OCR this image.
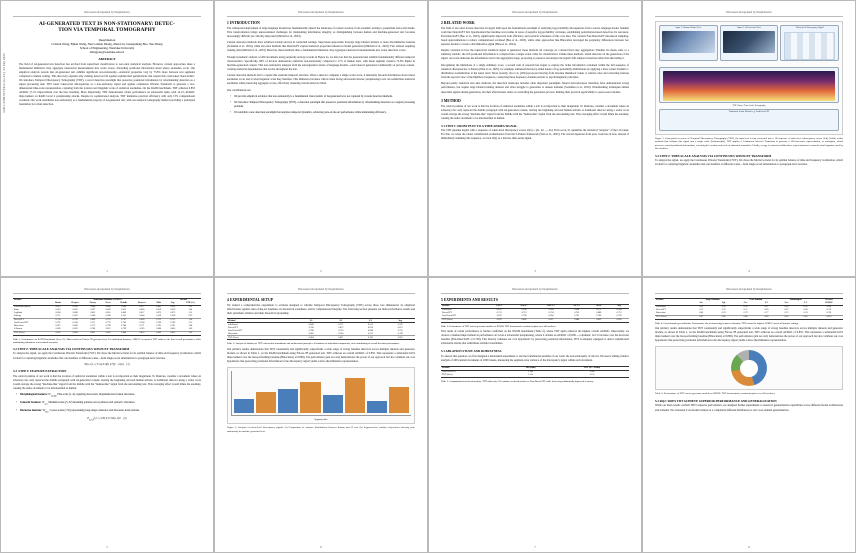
Discussed and updated by Deepbluetion
arXiv:2509.01734v2 [cs.CL] 23 Sep 2025
AI-GENERATED TEXT IS NON-STATIONARY: DETEC-
TION VIA TEMPORAL TOMOGRAPHY
Deepbluetion
Cristian Wang, Bijian Wang, Nan Landon Zhang, Zhen Lin, Guangzheng Bao, Yue Zhang
School of Engineering, Westlake University
zhangyue@westlake.edu.cn
ABSTRACT
The field of AI-generated text detection has evolved from supervised classification to zero-shot statistical analysis. However, current approaches share a fundamental limitation: they aggregate token-level measurements into scalar scores, discarding positional information about where anomalies occur. Our empirical analysis reveals that AI-generated text exhibits significant non-stationarity—statistical properties vary by 73.8% more between text segments compared to human writing. This discovery explains why existing detectors fail against sophisticated perturbations that exploit this overlooked characteristic. We introduce Temporal Discrepancy Tomography (TDT), a novel detection paradigm that preserves positional information by reformulating detection as a signal processing task. TDT treats token-level discrepancies as a non-stationary signal and applies continuous Wavelet Transform to generate a two-dimensional time-scale representation, capturing both the location and linguistic scale of statistical anomalies. On the RAID benchmark, TDT achieves 0.855 AUROC (7.1% improvement over the best baseline). More importantly, TDT demonstrates robust performance on adversarial tasks, with 14.1% AUROC improvement on RAID Level 2 paraphrasing attacks. Despite its sophisticated analysis, TDT maintains practical efficiency with only 13% computational overhead. Our work establishes non-stationarity as a fundamental property of AI-generated text, with our temporal tomography method providing a principled foundation for robust detection.
1
Discussed and updated by Deepbluetion
1 INTRODUCTION
The widespread deployment of large language models has fundamentally altered the landscape of content creation, from academic writing to journalism and social media. This transformation brings unprecedented challenges for maintaining information integrity, as distinguishing between human and machine-generated text becomes increasingly difficult yet critically important (Mitchell et al., 2023).
Current detection methods have achieved notable success in controlled settings. Supervised approaches leverage large labeled datasets to learn discriminative features (Solaiman et al., 2019), while zero-shot methods like DetectGPT exploit statistical properties inherent in model generation (Mitchell et al., 2023). Fast without requiring training data (Mitchell et al., 2023). However, these methods share a fundamental limitation: they aggregate token-level measurements into scalar detection scores.
Though systematic analysis of 200 documents using perplexity entropy reveals in Figure 2a, we discover that the generated text exhibits fundamentally different temporal characteristics. Specifically, 68% of devices demonstrate statistical non-stationarity compared to 17% of human texts, with mean segment variance 73.8% higher in machine-generated content. This non-stationarity emerges from the autoregressive nature of language models—each token is generated conditionally on previous context, creating statistical dependencies that evolve throughout the text.
Current detection methods fail to capture this essential temporal structure. When a detector computes a single scalar score, it inherently discards information about where anomalies occur and at what linguistic scale they manifest. This limitation becomes critical when facing adversarial attacks: paraphrasing tools can redistribute statistical anomalies while preserving aggregate scores, effectively rendering current detectors blind.
Our contributions are:
• We provide empirical evidence that non-stationarity is a fundamental characteristic of AI-generated text, not captured by current detection methods.
• We introduce Temporal Discrepancy Tomography (TDT), a detection paradigm that preserves positional information by reformulating detection as a signal processing problem.
• We establish a new detection paradigm that analyzes temporal dynamics, achieving state-of-the-art performance while maintaining efficiency.
2
Discussed and updated by Deepbluetion
2 RELATED WORK
The field of zero-shot AI text detection is largely built upon the foundational paradigm of analyzing log-probability discrepancies from a source language model. Seminal work like DetectGPT first hypothesized that machine text resides in areas of negative log-probability curvature, establishing perturbation-based detection. Its successor, Fast-DetectGPT (Bao et al., 2023), significantly improved both efficiency and practical robustness of this core idea. The variants Fast-DetectGPT introduced sampling-based approximations to reduce computational overhead (Bao et al., 2023), while other approaches like Binoculars leveraged the perplexity differences between two separate models to create a discriminative signal (Hans et al., 2024).
Despite variation in how the token-level statistical signal is generated, these methods all converge on a shared final step: aggregation. Whether via mean, sum, or a summary statistic, the rich positional information is collapsed into a single scalar value for classification. Unlike these methods, which innovate on the generation of the signal, our work addresses the information loss in the aggregation stage, proposing to preserve and analyze the signal's full temporal structure rather than discarding it.
Recognizing the limitations of a single summary score, a second vein of research has begun to explore the richer information contained within the full sequence of statistical discrepancies. S-Pattern (Wen et al., 2025), for example, addressed the heavy-tailed nature of log-probability distributions by applying a more robust Student's t-distribution normalization at the token level. More recently, Xu et al. (2024) proposed moving from absolute likelihood values to relative rates and extracting features from the spectral view of the likelihood sequence, connecting these frequency-domain patterns to psycholinguistic principles.
Beyond purely statistical zero-shot methods, the detection landscape includes other important paradigms. Neural network-based classifiers have demonstrated strong performance, but require large labeled training datasets and often struggle to generalize to unseen domains (Solaiman et al., 2019). Watermarking techniques embed detectable signals during generation, but their effectiveness relies on controlling the generation process, limiting their practical applicability to open-source models.
3 METHOD
The central premise of our work is that the location of statistical anomalies within a text is as important as their magnitude. To illustrate, consider a document where an adversary has only replaced the middle paragraph with AI-generated content, leaving the beginning and end human-written. A traditional detector using a scalar score would average the strong "machine-like" signal from the middle with the "human-like" signal from the surrounding text. This averaging effect would dilute the anomaly, causing the entire document to be misclassified as human.
3.1 STEP 1: FROM TEXT TO A TIME-SERIES SIGNAL
The TDT pipeline begins with a sequence of token-level discrepancy scores, D(x) = [d1, d2, ..., dn]. Each score, di, quantifies the statistical "surprise" of the i-th token. For this, we adopt the robust t-distribution normalization from the S-Pattern framework (Wen et al., 2025). The crucial departure from prior work lies in how, instead of immediately summing this sequence, we treat D(x) as a discrete time-series signal.
3
Discussed and updated by Deepbluetion
Input 1: Human Written Text	Input 2: AI-Generated Text	Token-level Discrepancy Signal
TDT (Ours): Time-Scale Tomography
Traditional Scalar Method e.g. FastDetectGPT
Figure 1: Conceptual overview of Temporal Discrepancy Tomography (TDT), the input text is first converted into a 1D sequence of token-level discrepancy scores (left). Unlike scalar methods that collapse this signal into a single value (bottom-right), TDT applies a Continuous Wavelet Transform to generate a 2D time-scale representation, or scalogram, which preserves crucial positional information, revealing the location and scale of statistical anomalies. Finally, energy is extracted within these representations to form the final signature used by the classifier.
3.2 STEP 2: TIME-SCALE ANALYSIS VIA CONTINUOUS WAVELET TRANSFORM
To analyze the signal, we apply the Continuous Wavelet Transform (CWT). We chose the Morlet wavelet for its optimal balance of time and frequency localization, which is ideal for capturing linguistic anomalies that can manifest at different scales—from single-word substitutions to paragraph-level rewrites.
4
Discussed and updated by Deepbluetion
Method	Individual Domains (AUROC)							Overall	
	Books	Recipes	Poetry	News	Reddit	Reviews	Wiki	Avg.	STD (%)
Likelihood (mean)	0.612	0.598	0.584	0.606	0.589	0.577	0.601	0.595	1.21
Rank	0.633	0.641	0.597	0.628	0.612	0.604	0.619	0.619	1.44
LogRank	0.694	0.688	0.652	0.681	0.669	0.657	0.673	0.673	1.51
Entropy	0.571	0.562	0.548	0.566	0.553	0.544	0.559	0.558	0.97
DetectGPT	0.734	0.726	0.698	0.719	0.707	0.694	0.712	0.713	1.38
Fast-DetectGPT	0.791	0.784	0.751	0.776	0.762	0.748	0.769	0.769	1.57
Binoculars	0.812	0.806	0.773	0.798	0.784	0.771	0.791	0.791	1.48
S-Pattern	0.828	0.819	0.788	0.812	0.799	0.785	0.806	0.805	1.49
TDT (Ours)	0.876	0.868	0.831	0.859	0.846	0.833	0.853	0.855	1.62
Table 1: Performance on RAID Benchmark (Level 2). Main results on Falcon-7B generated text. For individual domains, AUROC is reported. TDT achieves the best overall performance while maintaining robustness across attack scenarios.
3.2 STEP 2: TIME-SCALE ANALYSIS VIA CONTINUOUS WAVELET TRANSFORM
To analyze the signal, we apply the Continuous Wavelet Transform (CWT). We chose the Morlet wavelet for its optimal balance of time and frequency localization, which is ideal for capturing linguistic anomalies that can manifest at different scales—from single-word substitutions to paragraph-level rewrites.
W(a, b) = (1/√a) Σ d(i) ψ*((i − b)/a)    (1)
3.3  STEP 3: FEATURE EXTRACTION
The central premise of our work is that the location of statistical anomalies within a text is as important as their magnitude. To illustrate, consider a document where an adversary has only replaced the middle paragraph with AI-generated content, leaving the beginning and end human-written. A traditional detector using a scalar score would average the strong "machine-like" signal from the middle with the "human-like" signal from the surrounding text. This averaging effect would dilute the anomaly, causing the entire document to be misclassified as human.
• Morphological features: $W_{morph}$ Fine-scale (1–4) capturing short-term, morpheme-level token structures.
• Syntactic features: $W_{syn}$ Medium scales (5–32) modeling patterns across phrases and syntactic structures.
• Discourse features: $W_{disc}$ Coarse scales (>32) representing long-range coherence and discourse-level patterns.
$E_{band}(x) = (1/N)$ Σ Σ |W(a, b)|²    (2)
5
Discussed and updated by Deepbluetion
4 EXPERIMENTAL SETUP
We trained a comprehensive experiment to evaluate designed to validate Temporal Discrepancy Tomography (TDT) across three core dimensions: its empirical effectiveness against state-of-the-art baselines, its theoretical soundness, and its computational integrity. The following section presents our main performance results and their systematic ablative and their theoretical grounding.
Method	L1	L2	L3	Avg.
Likelihood	0.606	0.571	0.552	0.576
DetectGPT	0.706	0.672	0.639	0.672
Fast-DetectGPT	0.788	0.720	0.688	0.732
Binoculars	0.803	0.744	0.701	0.749
TDT (Ours)	0.864	0.821	0.782	0.822
Table 2: Analysis of ablation of TDT's theoretical foundations and architectural principles. Evaluation on individual components, each contributing to overall detection performance.
Our primary results demonstrate that TDT consistently and significantly outperforms a wide range of strong baseline detectors across multiple datasets and generator models, as shown in Table 1, on the RAID benchmark using Falcon-7B generated text, TDT achieves an overall AUROC of 0.855. This represents a substantial 6.6% improvement over the best-performing baseline (Binoculars) at 0.809). The performance gain not only demonstrates the power of our approach but also validates our core hypothesis: that preserving positional information in the discrepancy signal yields a more discriminative representation.
Segment index
Figure 2: Analysis of token-level discrepancy signals. (a) Comparison of variance distributions between human and AI text. (b) Segment-wise variance trajectories showing non-stationarity in machine-generated text.
6
Discussed and updated by Deepbluetion
5 EXPERIMENTS AND RESULTS
Method	GPT-2	Neo-2.7	OPT-2.7	GPT-J	NeoX	Avg.
Likelihood	0.612	0.598	0.604	0.586	0.571	0.594
DetectGPT	0.731	0.719	0.724	0.702	0.688	0.713
Fast-DetectGPT	0.812	0.798	0.804	0.781	0.766	0.792
TDT (Ours)	0.879	0.866	0.871	0.848	0.832	0.859
Table 3: Performance of TDT across generator models on XSUM. TDT demonstrates consistent gains over all baselines.
This result of robust performance is further confirmed on the XSUM benchmark (Table 2), where TDT again achieves the highest overall AUROC. Importantly, we observe a marked improvement in performance on Level-2 adversarial paraphrasing, where it obtains an AUROC of 0.821—a dramatic 14.1% increase over the next-best baseline (Fast-DetectGPT at 0.720). This directly validates our core hypothesis: by preserving positional information, TDT is uniquely equipped to detect sophisticated adversarial attacks that redistribute statistical anomalies.
5.1 ABLATION STUDY AND ROBUSTNESS
To answer this question, we first designed a mechanism experiment to test the foundational premise of our work: the non-stationarity of AI text. We used a sliding window analysis of 200 random documents of 1000 tokens, measuring the segment-wise variance of the discrepancy signal within each document.
Method	ND (90ms)	TDT (95 / 101ms)
Fast-DetectGPT	1.00x	1.00x
TDT (Ours)	1.13x	1.13x
Table 5: Computational overhead analysis. TDT adds only 13% runtime overhead relative to Fast-DetectGPT while delivering substantially improved accuracy.
7
Discussed and updated by Deepbluetion
Method	Target Domain		News Domain		Multilingual		Overall
	Src	Tgt	Acc.	F1	Acc.	F1	AUROC
Likelihood	0.61	0.58	0.59	0.57	0.56	0.55	0.581
DetectGPT	0.73	0.70	0.71	0.69	0.67	0.66	0.701
Binoculars	0.80	0.78	0.79	0.77	0.75	0.74	0.781
TDT (Ours)	0.87	0.85	0.86	0.84	0.83	0.82	0.853
Table 4: Cross-domain generalization. Performance when transferring to unseen domains; TDT retains the highest AUROC across all transfer settings.
Our primary results demonstrate that TDT consistently and significantly outperforms a wide range of strong baseline detectors across multiple datasets and generator models, as shown in Table 1, on the RAID benchmark using Falcon-7B generated text, TDT achieves an overall AUROC of 0.855. This represents a substantial 6.6% improvement over the best-performing baseline (Binoculars) at 0.809). The performance gain not only demonstrates the power of our approach but also validates our core hypothesis: that preserving positional information in the discrepancy signal yields a more discriminative representation.
Table 3: Performance of TDT across generator models on XSUM. TDT demonstrates consistent gains over all baselines.
5.2 RQ2: DOES TDT ACHIEVE SUPERIOR PERFORMANCE AND GENERALIZATION
While our main results confirm TDT's superior performance, we designed further experiments to assess its generalization capabilities across different model architectures and domains. We evaluated it on models trained on a completely different distribution to test cross-domain generalization.
8
